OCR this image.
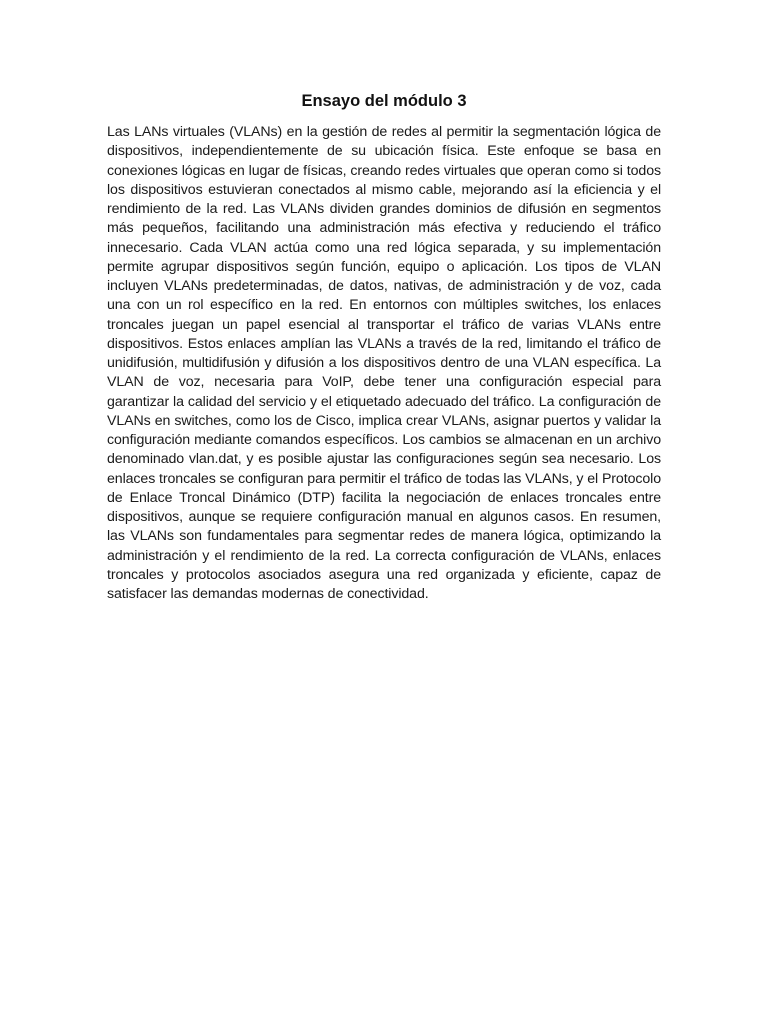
Ensayo del módulo 3

Las LANs virtuales (VLANs) en la gestión de redes al permitir la segmentación lógica de dispositivos, independientemente de su ubicación física. Este enfoque se basa en conexiones lógicas en lugar de físicas, creando redes virtuales que operan como si todos los dispositivos estuvieran conectados al mismo cable, mejorando así la eficiencia y el rendimiento de la red. Las VLANs dividen grandes dominios de difusión en segmentos más pequeños, facilitando una administración más efectiva y reduciendo el tráfico innecesario. Cada VLAN actúa como una red lógica separada, y su implementación permite agrupar dispositivos según función, equipo o aplicación. Los tipos de VLAN incluyen VLANs predeterminadas, de datos, nativas, de administración y de voz, cada una con un rol específico en la red. En entornos con múltiples switches, los enlaces troncales juegan un papel esencial al transportar el tráfico de varias VLANs entre dispositivos. Estos enlaces amplían las VLANs a través de la red, limitando el tráfico de unidifusión, multidifusión y difusión a los dispositivos dentro de una VLAN específica. La VLAN de voz, necesaria para VoIP, debe tener una configuración especial para garantizar la calidad del servicio y el etiquetado adecuado del tráfico. La configuración de VLANs en switches, como los de Cisco, implica crear VLANs, asignar puertos y validar la configuración mediante comandos específicos. Los cambios se almacenan en un archivo denominado vlan.dat, y es posible ajustar las configuraciones según sea necesario. Los enlaces troncales se configuran para permitir el tráfico de todas las VLANs, y el Protocolo de Enlace Troncal Dinámico (DTP) facilita la negociación de enlaces troncales entre dispositivos, aunque se requiere configuración manual en algunos casos. En resumen, las VLANs son fundamentales para segmentar redes de manera lógica, optimizando la administración y el rendimiento de la red. La correcta configuración de VLANs, enlaces troncales y protocolos asociados asegura una red organizada y eficiente, capaz de satisfacer las demandas modernas de conectividad.
